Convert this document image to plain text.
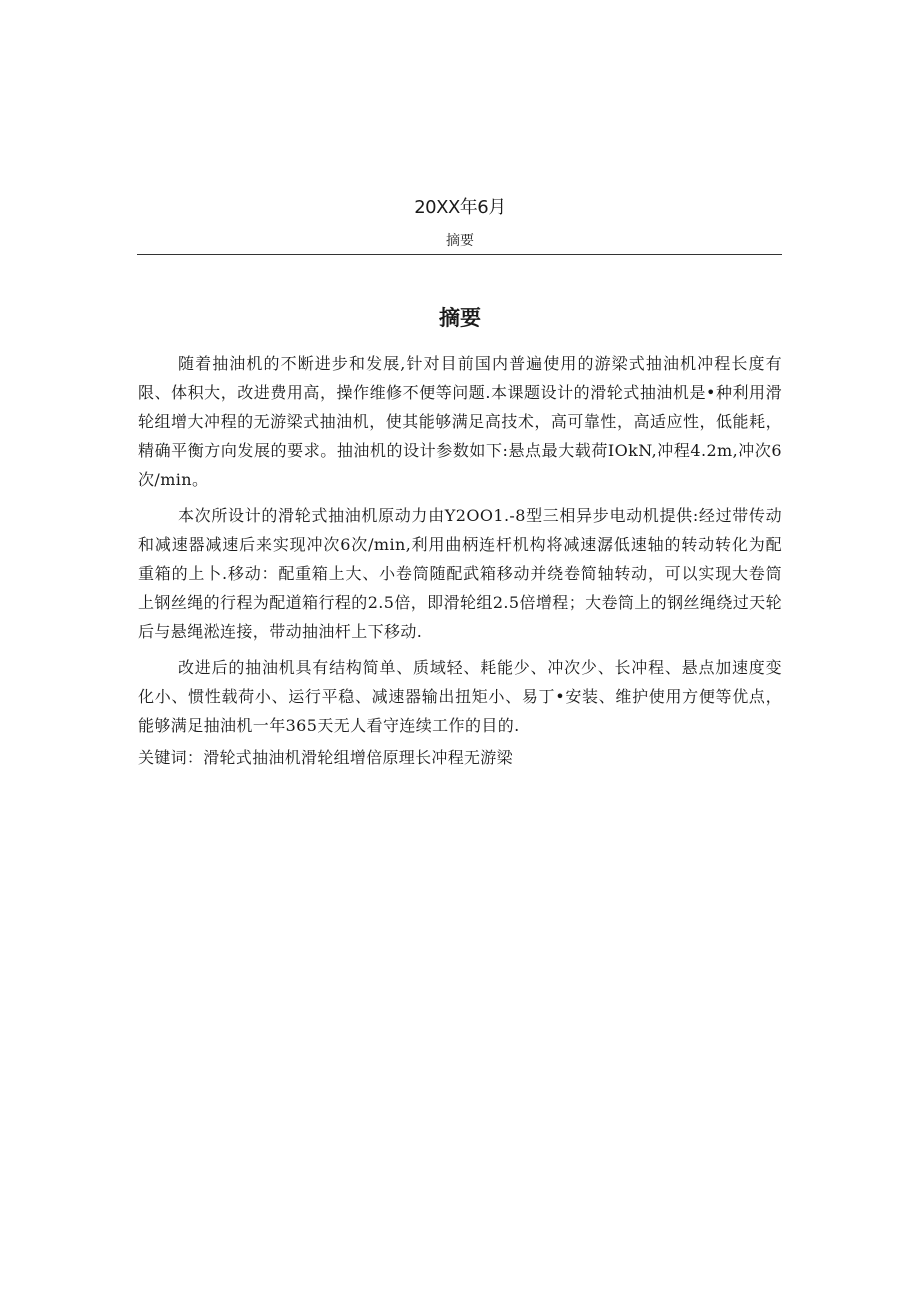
20XX年6月
摘要
摘要

随着抽油机的不断进步和发展,针对目前国内普遍使用的游梁式抽油机冲程长度有限、体积大，改进费用高，操作维修不便等问题.本课题设计的滑轮式抽油机是•种利用滑轮组增大冲程的无游梁式抽油机，使其能够满足高技术，高可靠性，高适应性，低能耗，精确平衡方向发展的要求。抽油机的设计参数如下:悬点最大载荷IOkN,冲程4.2m,冲次6次/min。

本次所设计的滑轮式抽油机原动力由Y2OO1.-8型三相异步电动机提供:经过带传动和减速器减速后来实现冲次6次∕min,利用曲柄连杆机构将减速潺低速轴的转动转化为配重箱的上卜.移动：配重箱上大、小卷筒随配武箱移动并绕卷简轴转动，可以实现大卷筒上钢丝绳的行程为配道箱行程的2.5倍，即滑轮组2.5倍增程；大卷筒上的钢丝绳绕过天轮后与悬绳淞连接，带动抽油杆上下移动.

改进后的抽油机具有结构简单、质域轻、耗能少、冲次少、长冲程、悬点加速度变化小、惯性载荷小、运行平稳、减速器输出扭矩小、易丁•安装、维护使用方便等优点，能够满足抽油机一年365天无人看守连续工作的目的.

关键词：滑轮式抽油机滑轮组增倍原理长冲程无游梁
